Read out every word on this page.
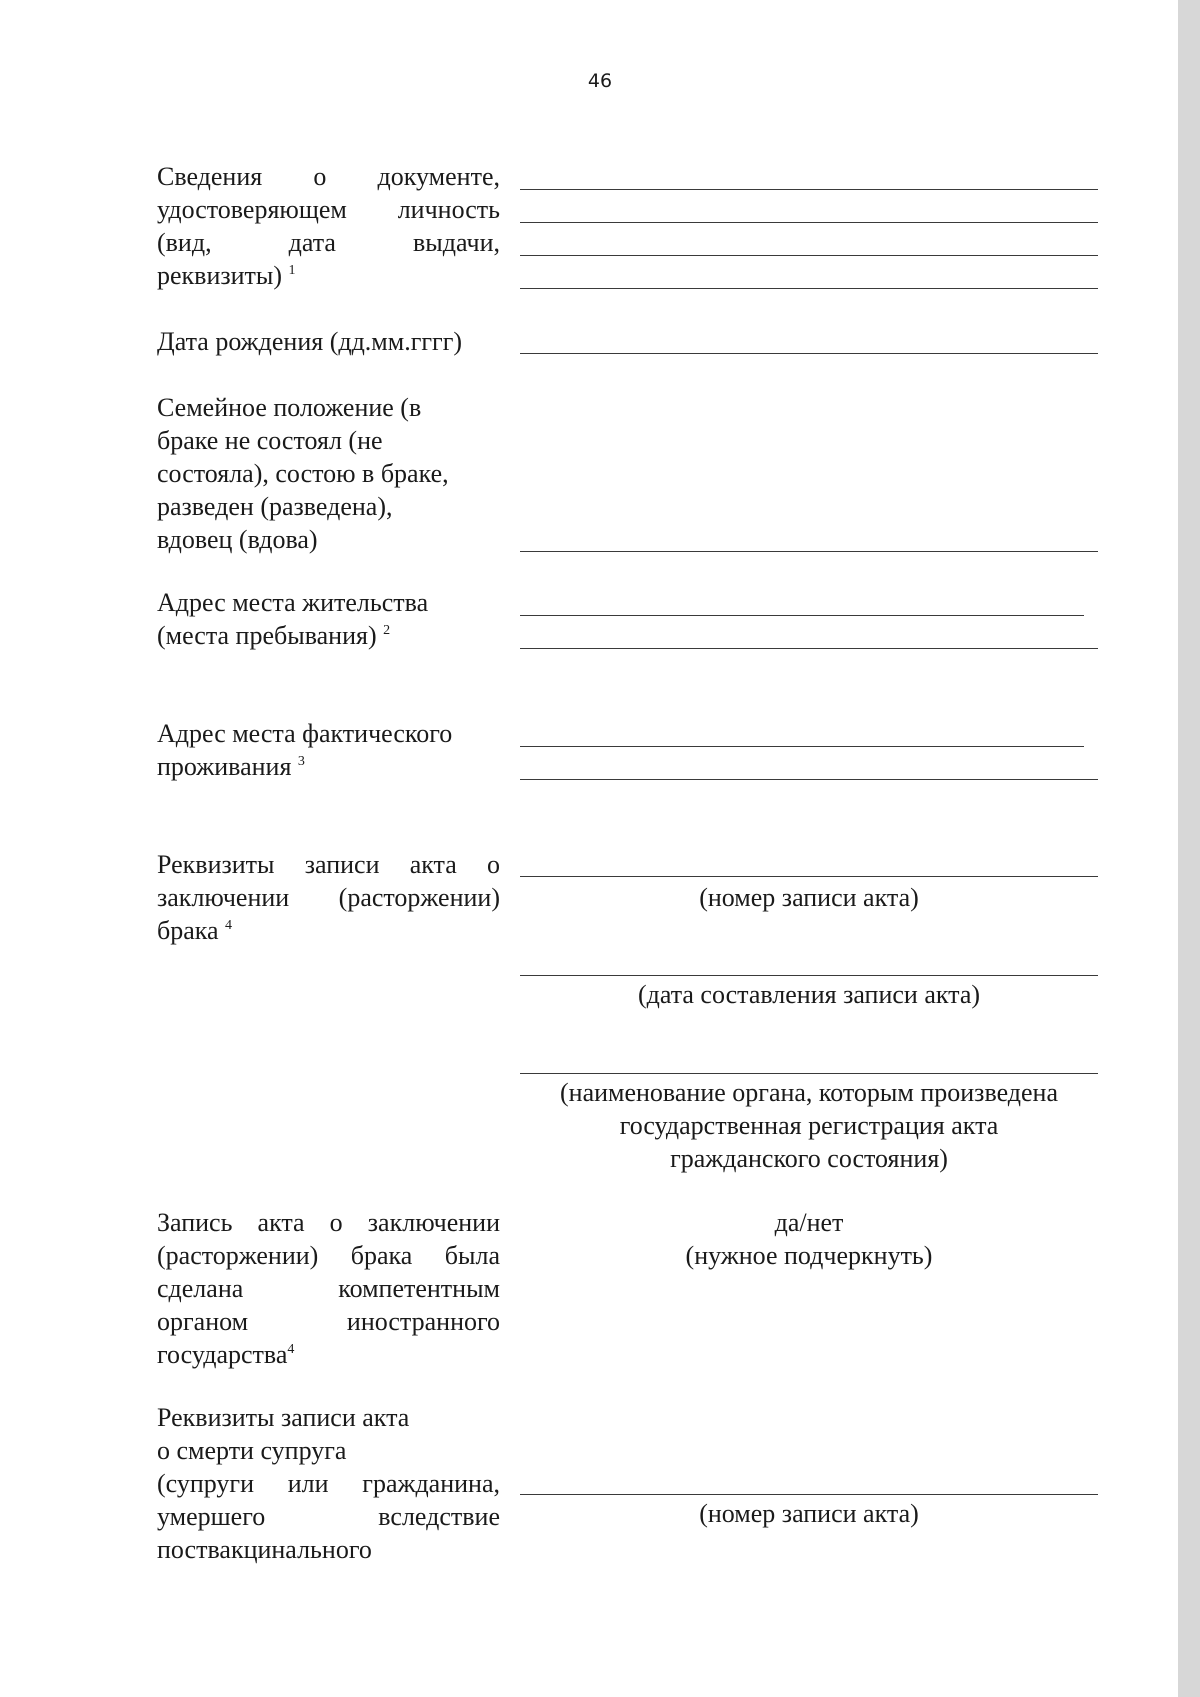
46
Сведения о документе,
удостоверяющем личность
(вид, дата выдачи,
реквизиты) $^1$
Дата рождения (дд.мм.гггг)
Семейное положение (в
браке не состоял (не
состояла), состою в браке,
разведен (разведена),
вдовец (вдова)
Адрес места жительства
(места пребывания) $^2$
Адрес места фактического
проживания $^3$
Реквизиты записи акта о
заключении (расторжении)
брака $^4$
(номер записи акта)
(дата составления записи акта)
(наименование органа, которым произведена
государственная регистрация акта
гражданского состояния)
Запись акта о заключении
(расторжении) брака была
сделана компетентным
органом иностранного
государства$^4$
да/нет
(нужное подчеркнуть)
Реквизиты записи акта
о смерти супруга
(супруги или гражданина,
умершего вследствие
поствакцинального
(номер записи акта)
